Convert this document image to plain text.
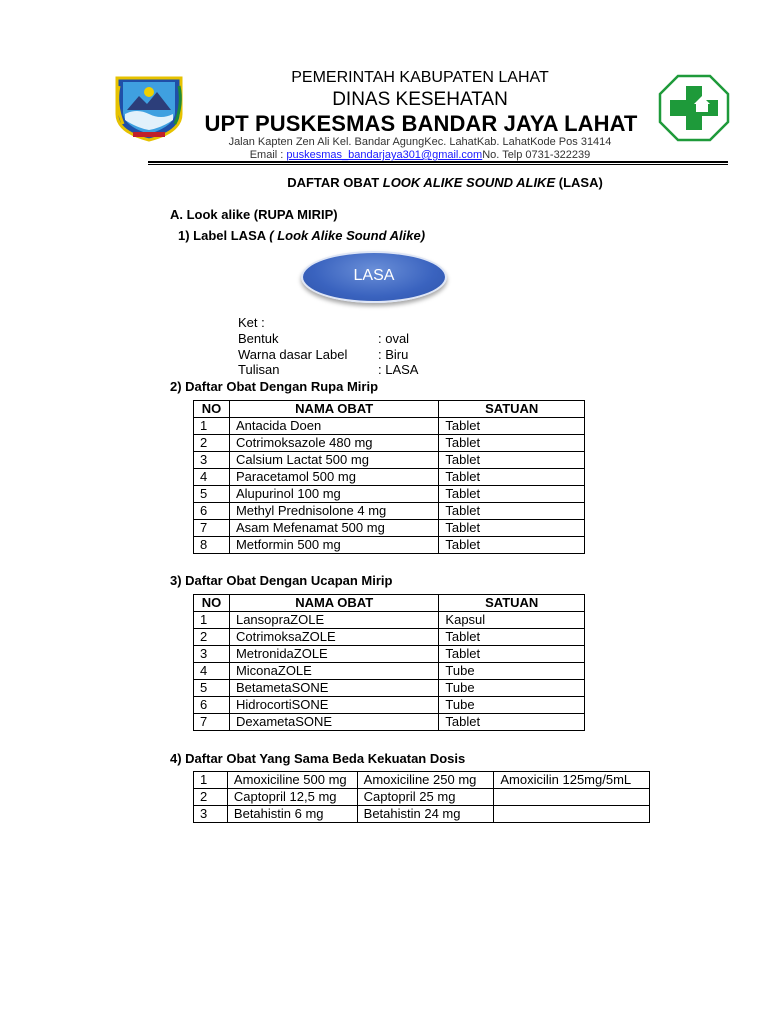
PEMERINTAH KABUPATEN LAHAT
DINAS KESEHATAN
UPT PUSKESMAS BANDAR JAYA LAHAT
Jalan Kapten Zen Ali Kel. Bandar AgungKec. LahatKab. LahatKode Pos 31414
Email : puskesmas_bandarjaya301@gmail.comNo. Telp 0731-322239
DAFTAR OBAT LOOK ALIKE SOUND ALIKE (LASA)
A. Look alike (RUPA MIRIP)
1) Label LASA ( Look Alike Sound Alike)
LASA
Ket :
Bentuk	: oval
Warna dasar Label : Biru
Tulisan	: LASA
2) Daftar Obat Dengan Rupa Mirip
NO	NAMA OBAT	SATUAN
1	Antacida Doen	Tablet
2	Cotrimoksazole 480 mg	Tablet
3	Calsium Lactat 500 mg	Tablet
4	Paracetamol 500 mg	Tablet
5	Alupurinol 100 mg	Tablet
6	Methyl Prednisolone 4 mg	Tablet
7	Asam Mefenamat 500 mg	Tablet
8	Metformin 500 mg	Tablet
3) Daftar Obat Dengan Ucapan Mirip
NO	NAMA OBAT	SATUAN
1	LansopraZOLE	Kapsul
2	CotrimoksaZOLE	Tablet
3	MetronidaZOLE	Tablet
4	MiconaZOLE	Tube
5	BetametaSONE	Tube
6	HidrocortiSONE	Tube
7	DexametaSONE	Tablet
4) Daftar Obat Yang Sama Beda Kekuatan Dosis
1	Amoxiciline 500 mg	Amoxiciline 250 mg	Amoxicilin 125mg/5mL
2	Captopril 12,5 mg	Captopril 25 mg	
3	Betahistin 6 mg	Betahistin 24 mg	
